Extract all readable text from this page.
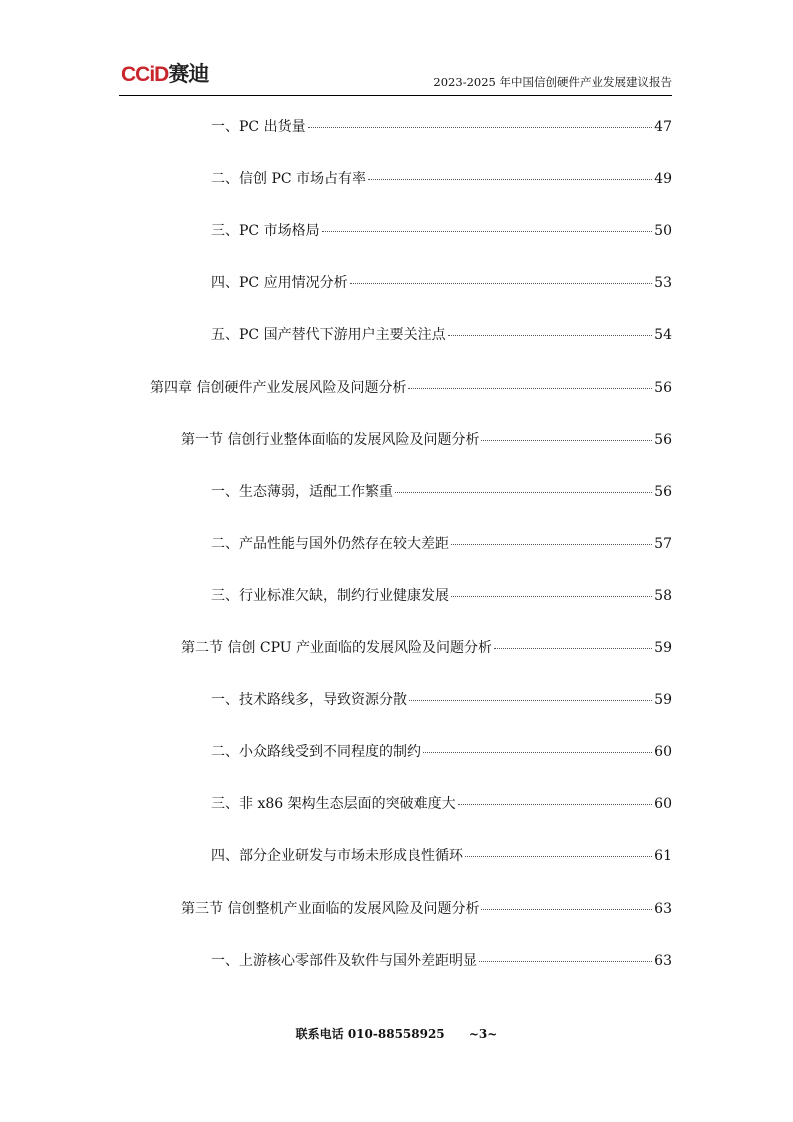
CCiD赛迪	2023-2025 年中国信创硬件产业发展建议报告
一、PC 出货量	47
二、信创 PC 市场占有率	49
三、PC 市场格局	50
四、PC 应用情况分析	53
五、PC 国产替代下游用户主要关注点	54
第四章 信创硬件产业发展风险及问题分析	56
第一节 信创行业整体面临的发展风险及问题分析	56
一、生态薄弱，适配工作繁重	56
二、产品性能与国外仍然存在较大差距	57
三、行业标准欠缺，制约行业健康发展	58
第二节 信创 CPU 产业面临的发展风险及问题分析	59
一、技术路线多，导致资源分散	59
二、小众路线受到不同程度的制约	60
三、非 x86 架构生态层面的突破难度大	60
四、部分企业研发与市场未形成良性循环	61
第三节 信创整机产业面临的发展风险及问题分析	63
一、上游核心零部件及软件与国外差距明显	63
联系电话 010-88558925 ~3~
